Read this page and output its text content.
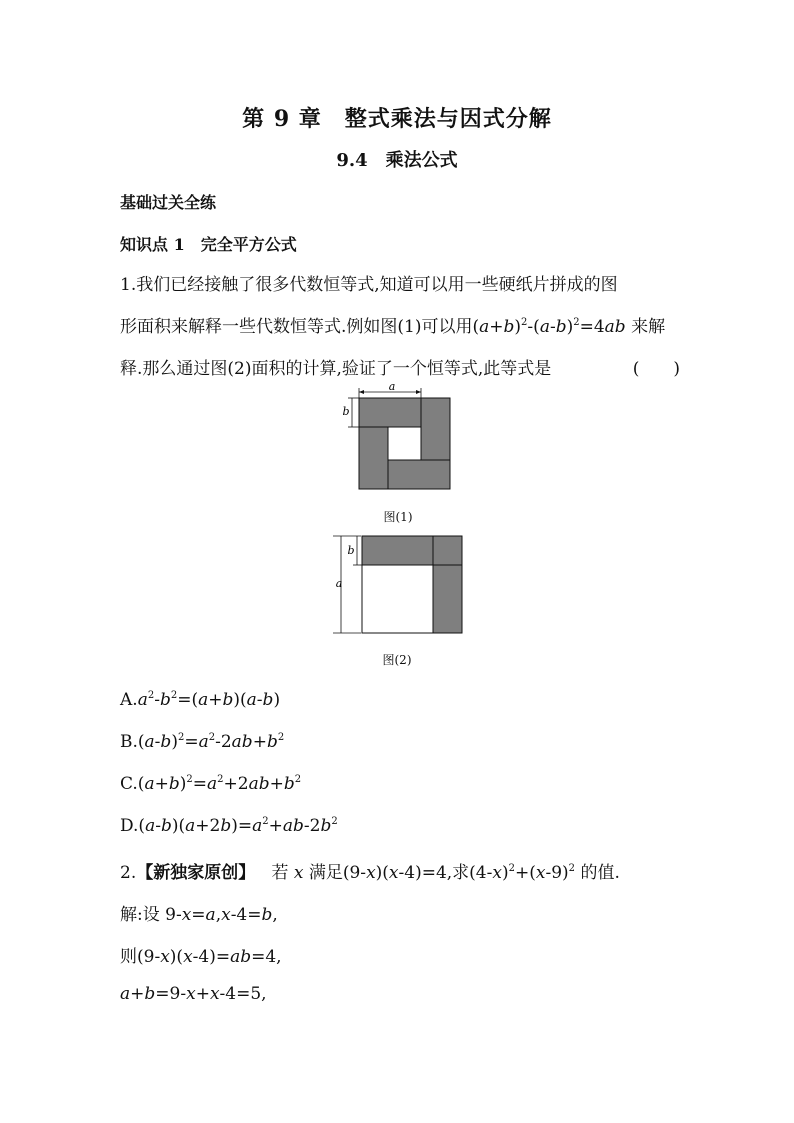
第 9 章　整式乘法与因式分解
9.4　乘法公式
基础过关全练
知识点 1　完全平方公式
1.我们已经接触了很多代数恒等式,知道可以用一些硬纸片拼成的图
形面积来解释一些代数恒等式.例如图(1)可以用$(a+b)^2-(a-b)^2=4ab$ 来解
释.那么通过图(2)面积的计算,验证了一个恒等式,此等式是	(　　)
a
b
图(1)
a
b
图(2)
$A.a^2-b^2=(a+b)(a-b)$
$B.(a-b)^2=a^2-2ab+b^2$
$C.(a+b)^2=a^2+2ab+b^2$
$D.(a-b)(a+2b)=a^2+ab-2b^2$
2.【新独家原创】 若 x 满足(9-x)(x-4)=4,求$(4-x)^2+(x-9)^2$ 的值.
解:设 9-x=a,x-4=b,
则(9-x)(x-4)=ab=4,
a+b=9-x+x-4=5,
